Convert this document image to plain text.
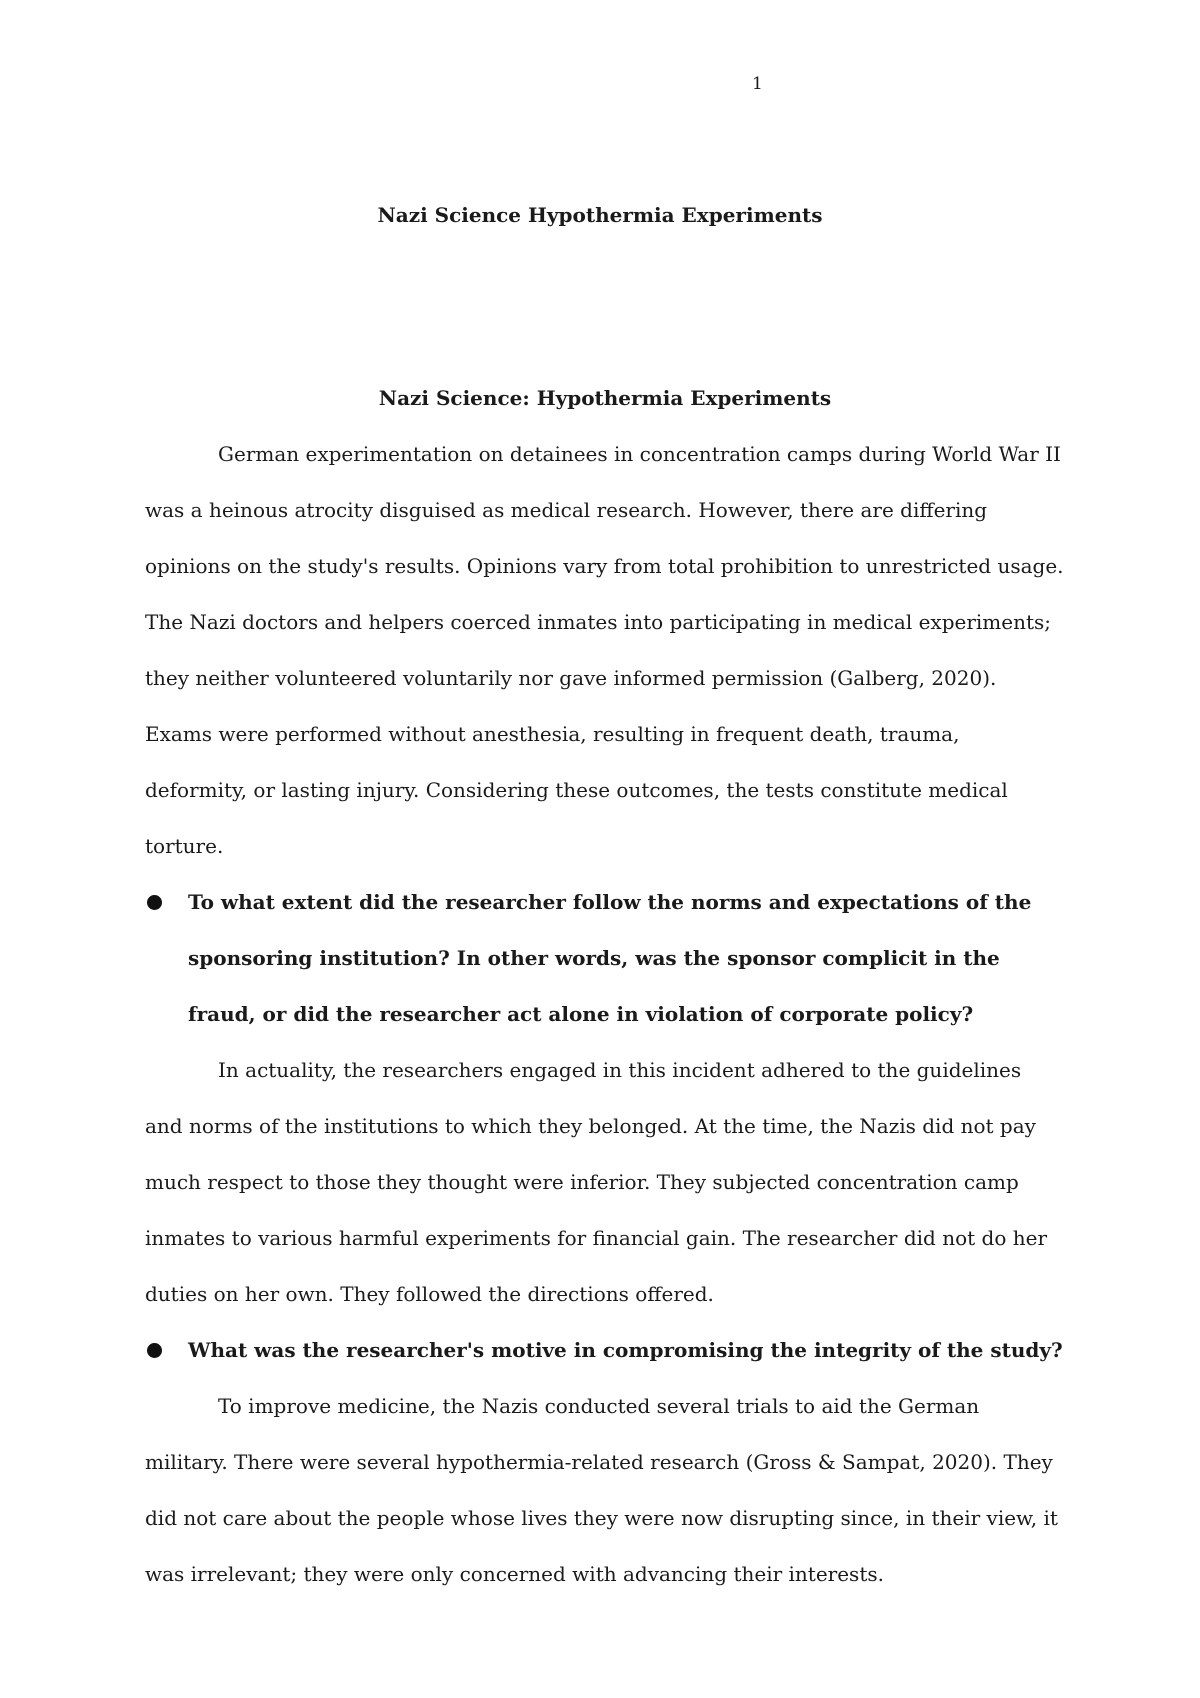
1
Nazi Science Hypothermia Experiments

Nazi Science: Hypothermia Experiments

German experimentation on detainees in concentration camps during World War II was a heinous atrocity disguised as medical research. However, there are differing opinions on the study's results. Opinions vary from total prohibition to unrestricted usage. The Nazi doctors and helpers coerced inmates into participating in medical experiments; they neither volunteered voluntarily nor gave informed permission (Galberg, 2020). Exams were performed without anesthesia, resulting in frequent death, trauma, deformity, or lasting injury. Considering these outcomes, the tests constitute medical torture.

To what extent did the researcher follow the norms and expectations of the sponsoring institution? In other words, was the sponsor complicit in the fraud, or did the researcher act alone in violation of corporate policy?

In actuality, the researchers engaged in this incident adhered to the guidelines and norms of the institutions to which they belonged. At the time, the Nazis did not pay much respect to those they thought were inferior. They subjected concentration camp inmates to various harmful experiments for financial gain. The researcher did not do her duties on her own. They followed the directions offered.

What was the researcher's motive in compromising the integrity of the study?

To improve medicine, the Nazis conducted several trials to aid the German military. There were several hypothermia-related research (Gross & Sampat, 2020). They did not care about the people whose lives they were now disrupting since, in their view, it was irrelevant; they were only concerned with advancing their interests.
